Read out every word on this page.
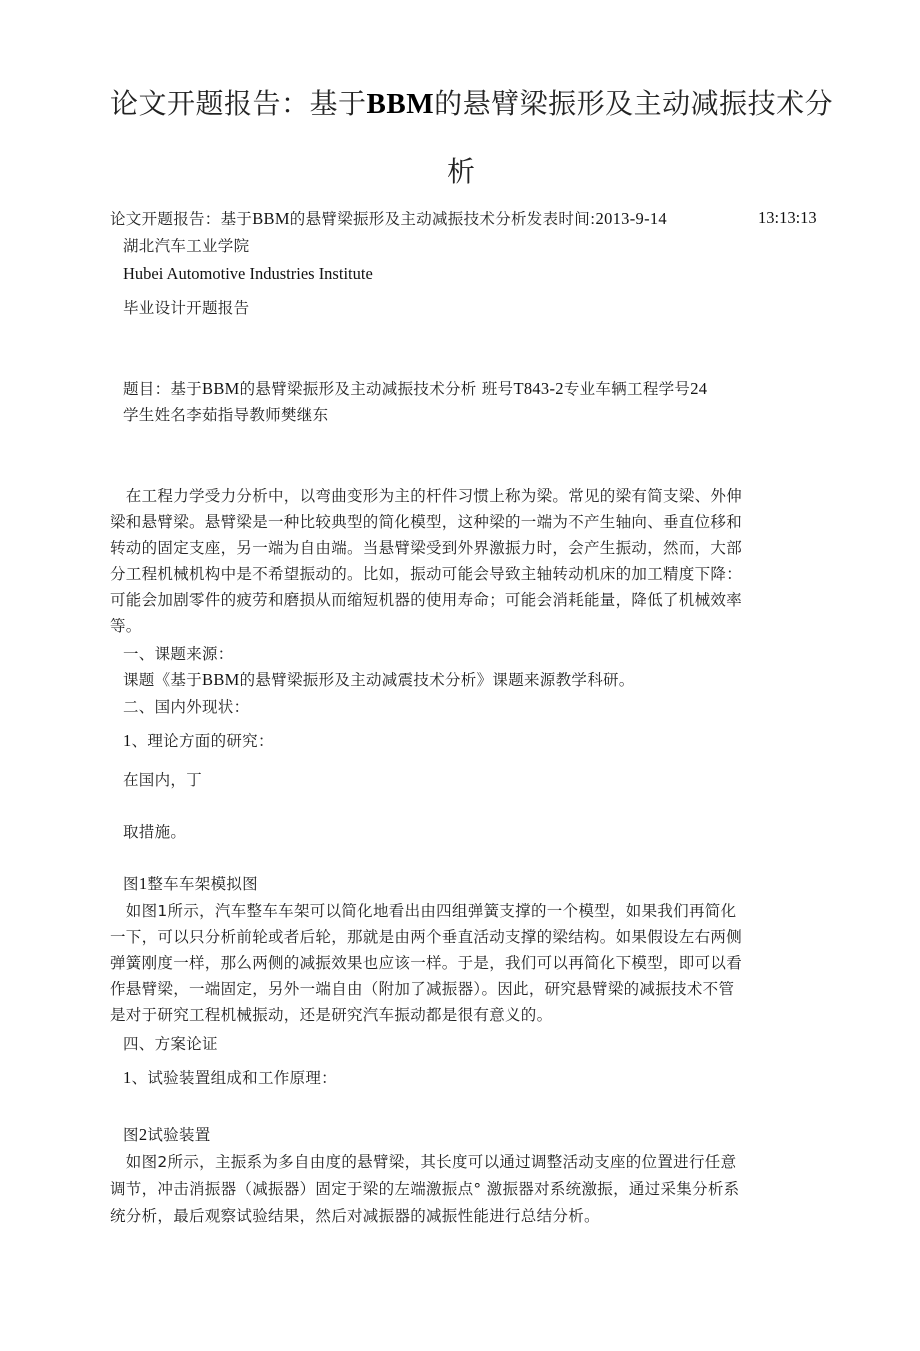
论文开题报告：基于BBM的悬臂梁振形及主动减振技术分
析
论文开题报告：基于BBM的悬臂梁振形及主动减振技术分析发表时间:2013-9-14	13:13:13
湖北汽车工业学院
Hubei Automotive Industries Institute
毕业设计开题报告
题目：基于BBM的悬臂梁振形及主动减振技术分析 班号T843-2专业车辆工程学号24
学生姓名李茹指导教师樊继东
　在工程力学受力分析中，以弯曲变形为主的杆件习惯上称为梁。常见的梁有简支梁、外伸
梁和悬臂梁。悬臂梁是一种比较典型的简化模型，这种梁的一端为不产生轴向、垂直位移和
转动的固定支座，另一端为自由端。当悬臂梁受到外界激振力时，会产生振动，然而，大部
分工程机械机构中是不希望振动的。比如，振动可能会导致主轴转动机床的加工精度下降：
可能会加剧零件的疲劳和磨损从而缩短机器的使用寿命；可能会消耗能量，降低了机械效率
等。
一、课题来源：
课题《基于BBM的悬臂梁振形及主动减震技术分析》课题来源教学科研。
二、国内外现状：
1、理论方面的研究：
在国内，丁
取措施。
图1整车车架模拟图
　如图1所示，汽车整车车架可以简化地看出由四组弹簧支撑的一个模型，如果我们再简化
一下，可以只分析前轮或者后轮，那就是由两个垂直活动支撑的梁结构。如果假设左右两侧
弹簧刚度一样，那么两侧的减振效果也应该一样。于是，我们可以再简化下模型，即可以看
作悬臂梁，一端固定，另外一端自由（附加了减振器）。因此，研究悬臂梁的减振技术不管
是对于研究工程机械振动，还是研究汽车振动都是很有意义的。
四、方案论证
1、试验装置组成和工作原理：
图2试验装置
　如图2所示，主振系为多自由度的悬臂梁，其长度可以通过调整活动支座的位置进行任意
调节，冲击消振器（减振器）固定于梁的左端激振点° 激振器对系统激振，通过采集分析系
统分析，最后观察试验结果，然后对减振器的减振性能进行总结分析。
